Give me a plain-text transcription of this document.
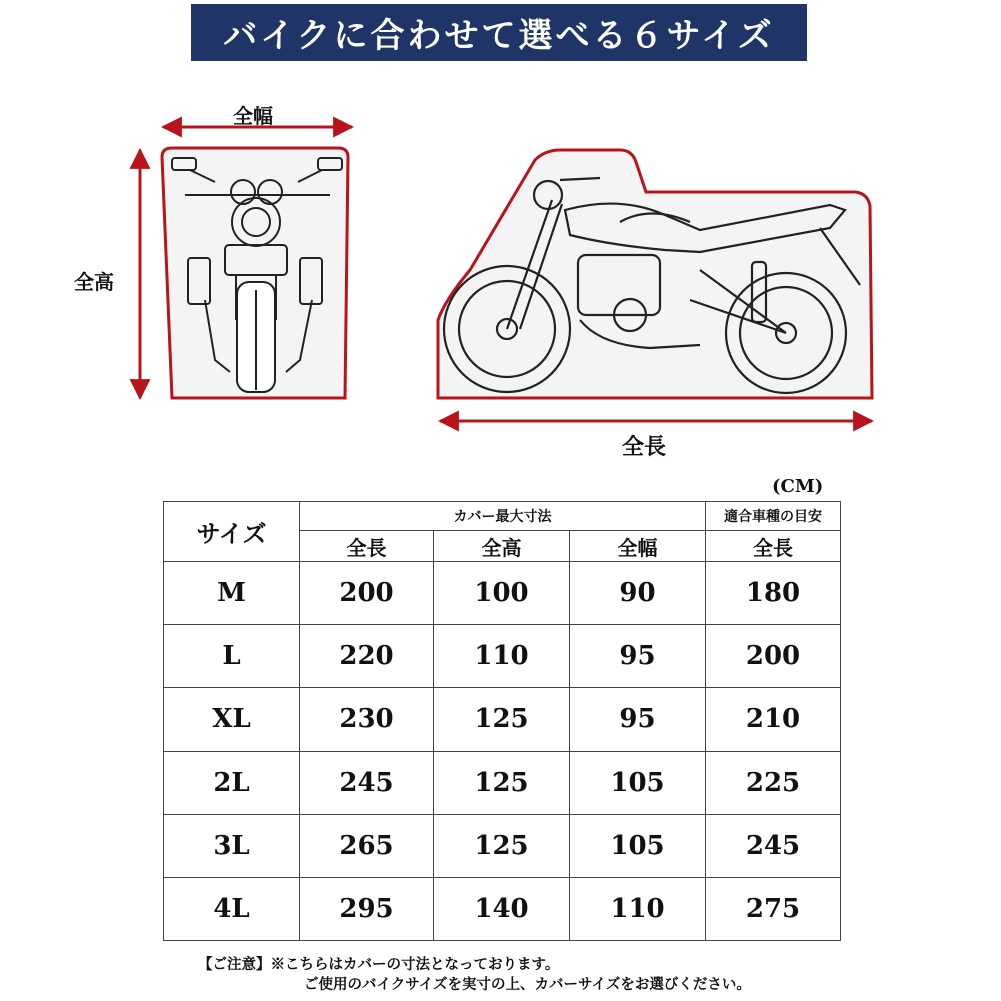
バイクに合わせて選べる６サイズ
全幅
全高
全長
(CM)
サイズ	カバー最大寸法			適合車種の目安
	全長	全高	全幅	全長
M	200	100	90	180
L	220	110	95	200
XL	230	125	95	210
2L	245	125	105	225
3L	265	125	105	245
4L	295	140	110	275
【ご注意】※こちらはカバーの寸法となっております。
ご使用のバイクサイズを実寸の上、カバーサイズをお選びください。
